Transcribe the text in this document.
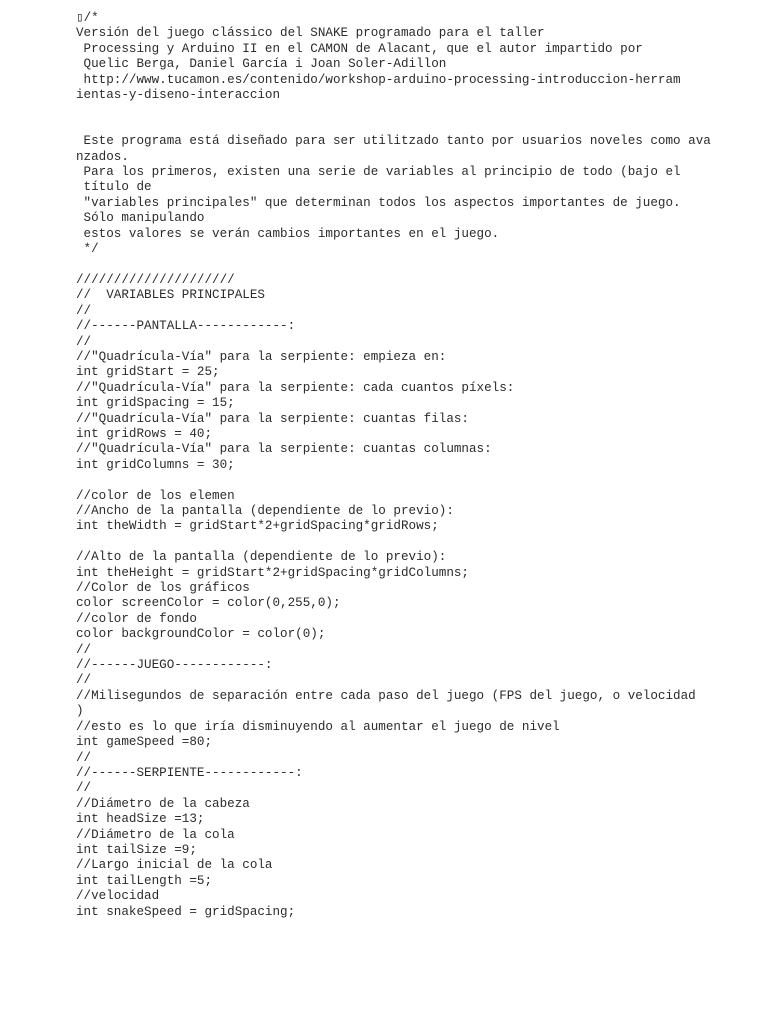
▯/*
Versión del juego clássico del SNAKE programado para el taller
Processing y Arduino II en el CAMON de Alacant, que el autor impartido por
Quelic Berga, Daniel García i Joan Soler-Adillon
http://www.tucamon.es/contenido/workshop-arduino-processing-introduccion-herram
ientas-y-diseno-interaccion

Este programa está diseñado para ser utilitzado tanto por usuarios noveles como ava
nzados.
Para los primeros, existen una serie de variables al principio de todo (bajo el
título de
"variables principales" que determinan todos los aspectos importantes de juego.
Sólo manipulando
estos valores se verán cambios importantes en el juego.
*/

/////////////////////
//  VARIABLES PRINCIPALES
//
//------PANTALLA------------:
//
//"Quadrícula-Vía" para la serpiente: empieza en:
int gridStart = 25;
//"Quadrícula-Vía" para la serpiente: cada cuantos píxels:
int gridSpacing = 15;
//"Quadrícula-Vía" para la serpiente: cuantas filas:
int gridRows = 40;
//"Quadrícula-Vía" para la serpiente: cuantas columnas:
int gridColumns = 30;

//color de los elemen
//Ancho de la pantalla (dependiente de lo previo):
int theWidth = gridStart*2+gridSpacing*gridRows;

//Alto de la pantalla (dependiente de lo previo):
int theHeight = gridStart*2+gridSpacing*gridColumns;
//Color de los gráficos
color screenColor = color(0,255,0);
//color de fondo
color backgroundColor = color(0);
//
//------JUEGO------------:
//
//Milisegundos de separación entre cada paso del juego (FPS del juego, o velocidad
)
//esto es lo que iría disminuyendo al aumentar el juego de nivel
int gameSpeed =80;
//
//------SERPIENTE------------:
//
//Diámetro de la cabeza
int headSize =13;
//Diámetro de la cola
int tailSize =9;
//Largo inicial de la cola
int tailLength =5;
//velocidad
int snakeSpeed = gridSpacing;
